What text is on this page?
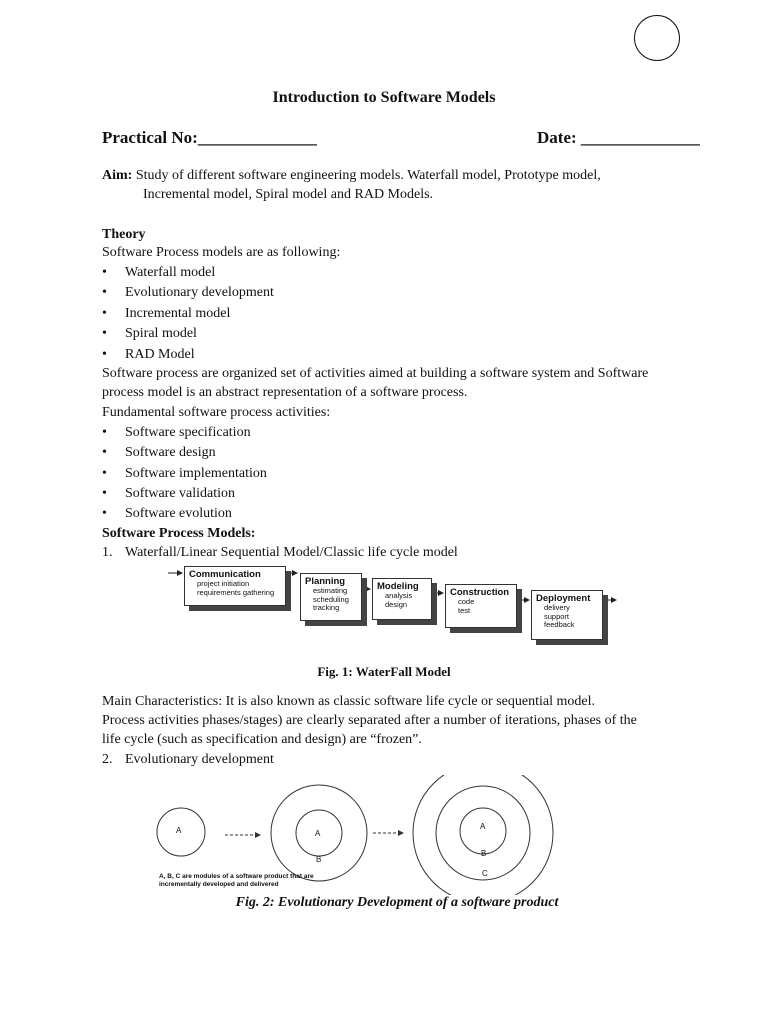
Introduction to Software Models
Practical No:______________	Date: ______________
Aim: Study of different software engineering models. Waterfall model, Prototype model,
Incremental model, Spiral model and RAD Models.
Theory
Software Process models are as following:
• Waterfall model
• Evolutionary development
• Incremental model
• Spiral model
• RAD Model
Software process are organized set of activities aimed at building a software system and Software
process model is an abstract representation of a software process.
Fundamental software process activities:
• Software specification
• Software design
• Software implementation
• Software validation
• Software evolution
Software Process Models:
1. Waterfall/Linear Sequential Model/Classic life cycle model
Communication
project initiation
requirements gathering
Planning
estimating
scheduling
tracking
Modeling
analysis
design
Construction
code
test
Deployment
delivery
support
feedback
Fig. 1: WaterFall Model
Main Characteristics: It is also known as classic software life cycle or sequential model.
Process activities phases/stages) are clearly separated after a number of iterations, phases of the
life cycle (such as specification and design) are “frozen”.
2. Evolutionary development
A	A
B
A
B
C
A, B, C are modules of a software product that are
incrementally developed and delivered
Fig. 2: Evolutionary Development of a software product
